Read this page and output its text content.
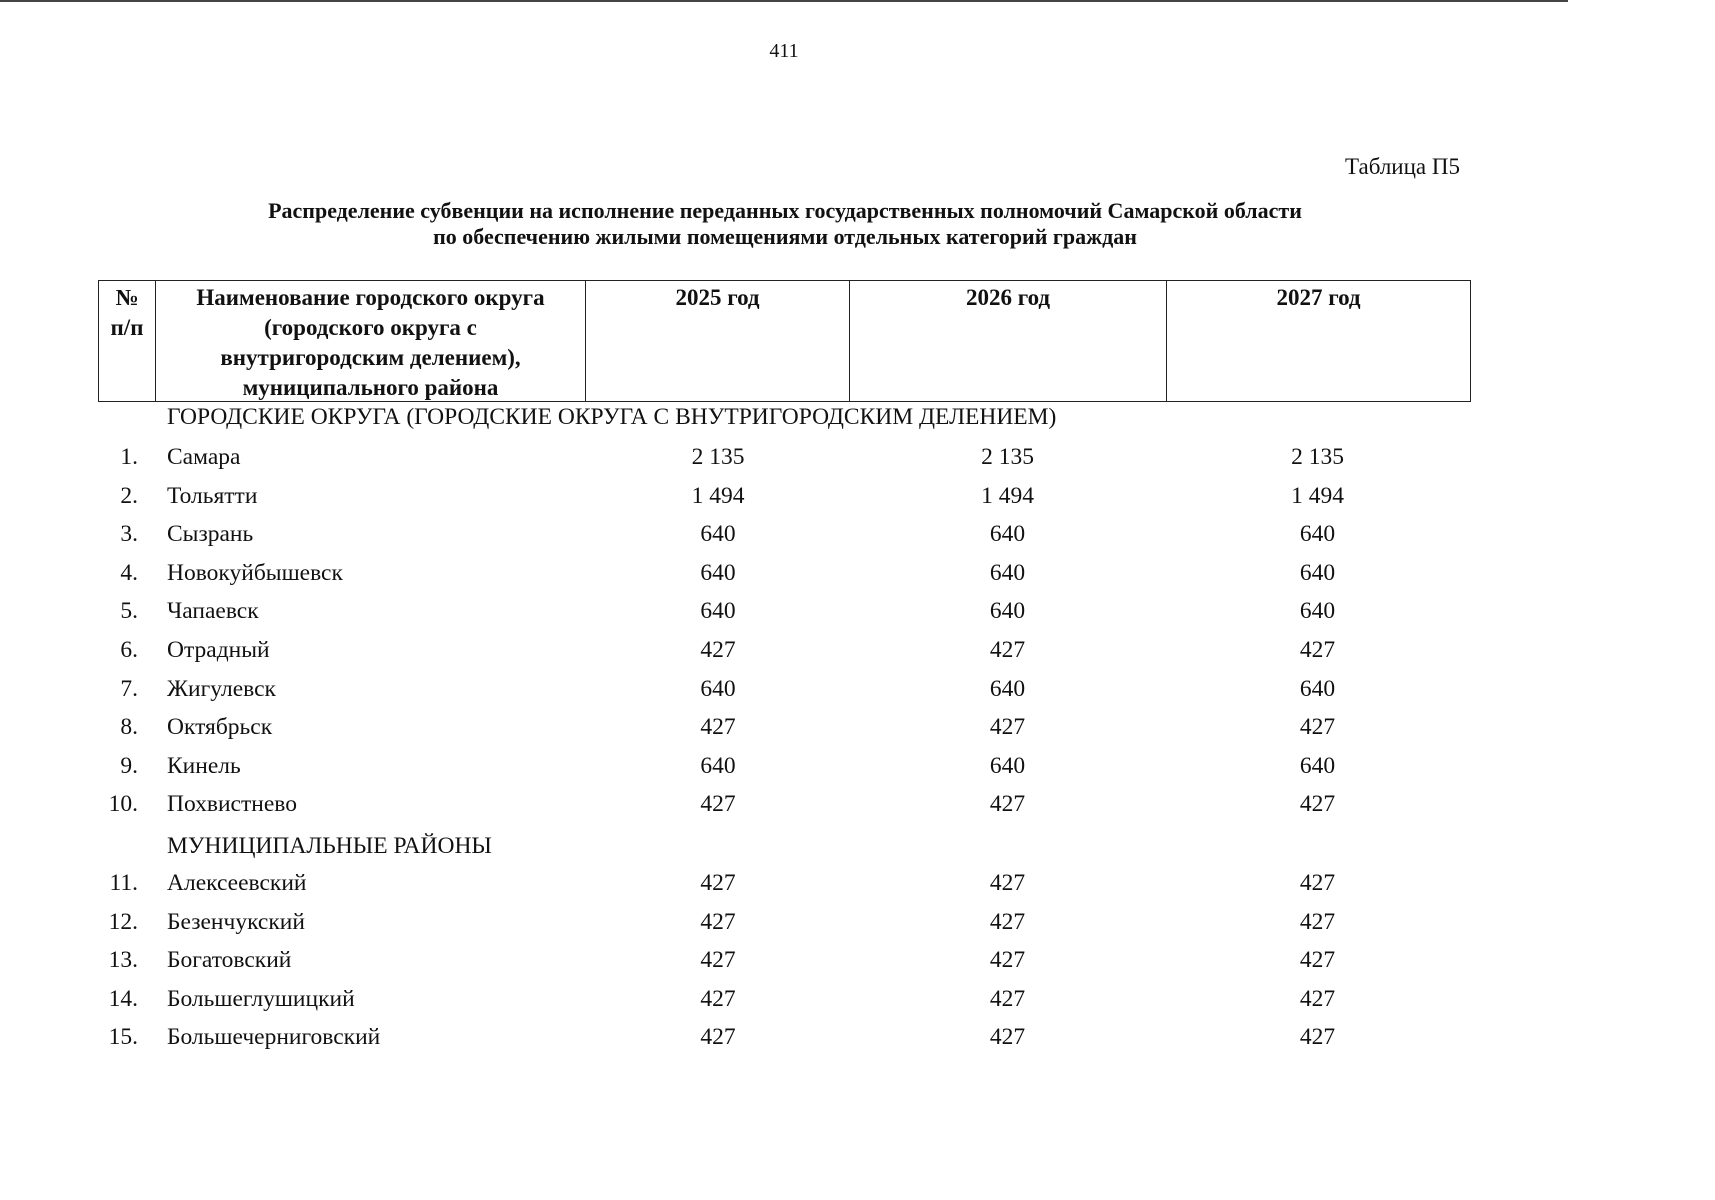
411
Таблица П5
Распределение субвенции на исполнение переданных государственных полномочий Самарской области
по обеспечению жилыми помещениями отдельных категорий граждан
№
п/п
Наименование городского округа
(городского округа с
внутригородским делением),
муниципального района
2025 год	2026 год	2027 год
ГОРОДСКИЕ ОКРУГА (ГОРОДСКИЕ ОКРУГА С ВНУТРИГОРОДСКИМ ДЕЛЕНИЕМ)
1. Самара	2 135	2 135	2 135
2. Тольятти	1 494	1 494	1 494
3. Сызрань	640	640	640
4. Новокуйбышевск	640	640	640
5. Чапаевск	640	640	640
6. Отрадный	427	427	427
7. Жигулевск	640	640	640
8. Октябрьск	427	427	427
9. Кинель	640	640	640
10. Похвистнево	427	427	427
МУНИЦИПАЛЬНЫЕ РАЙОНЫ
11. Алексеевский	427	427	427
12. Безенчукский	427	427	427
13. Богатовский	427	427	427
14. Большеглушицкий	427	427	427
15. Большечерниговский	427	427	427
